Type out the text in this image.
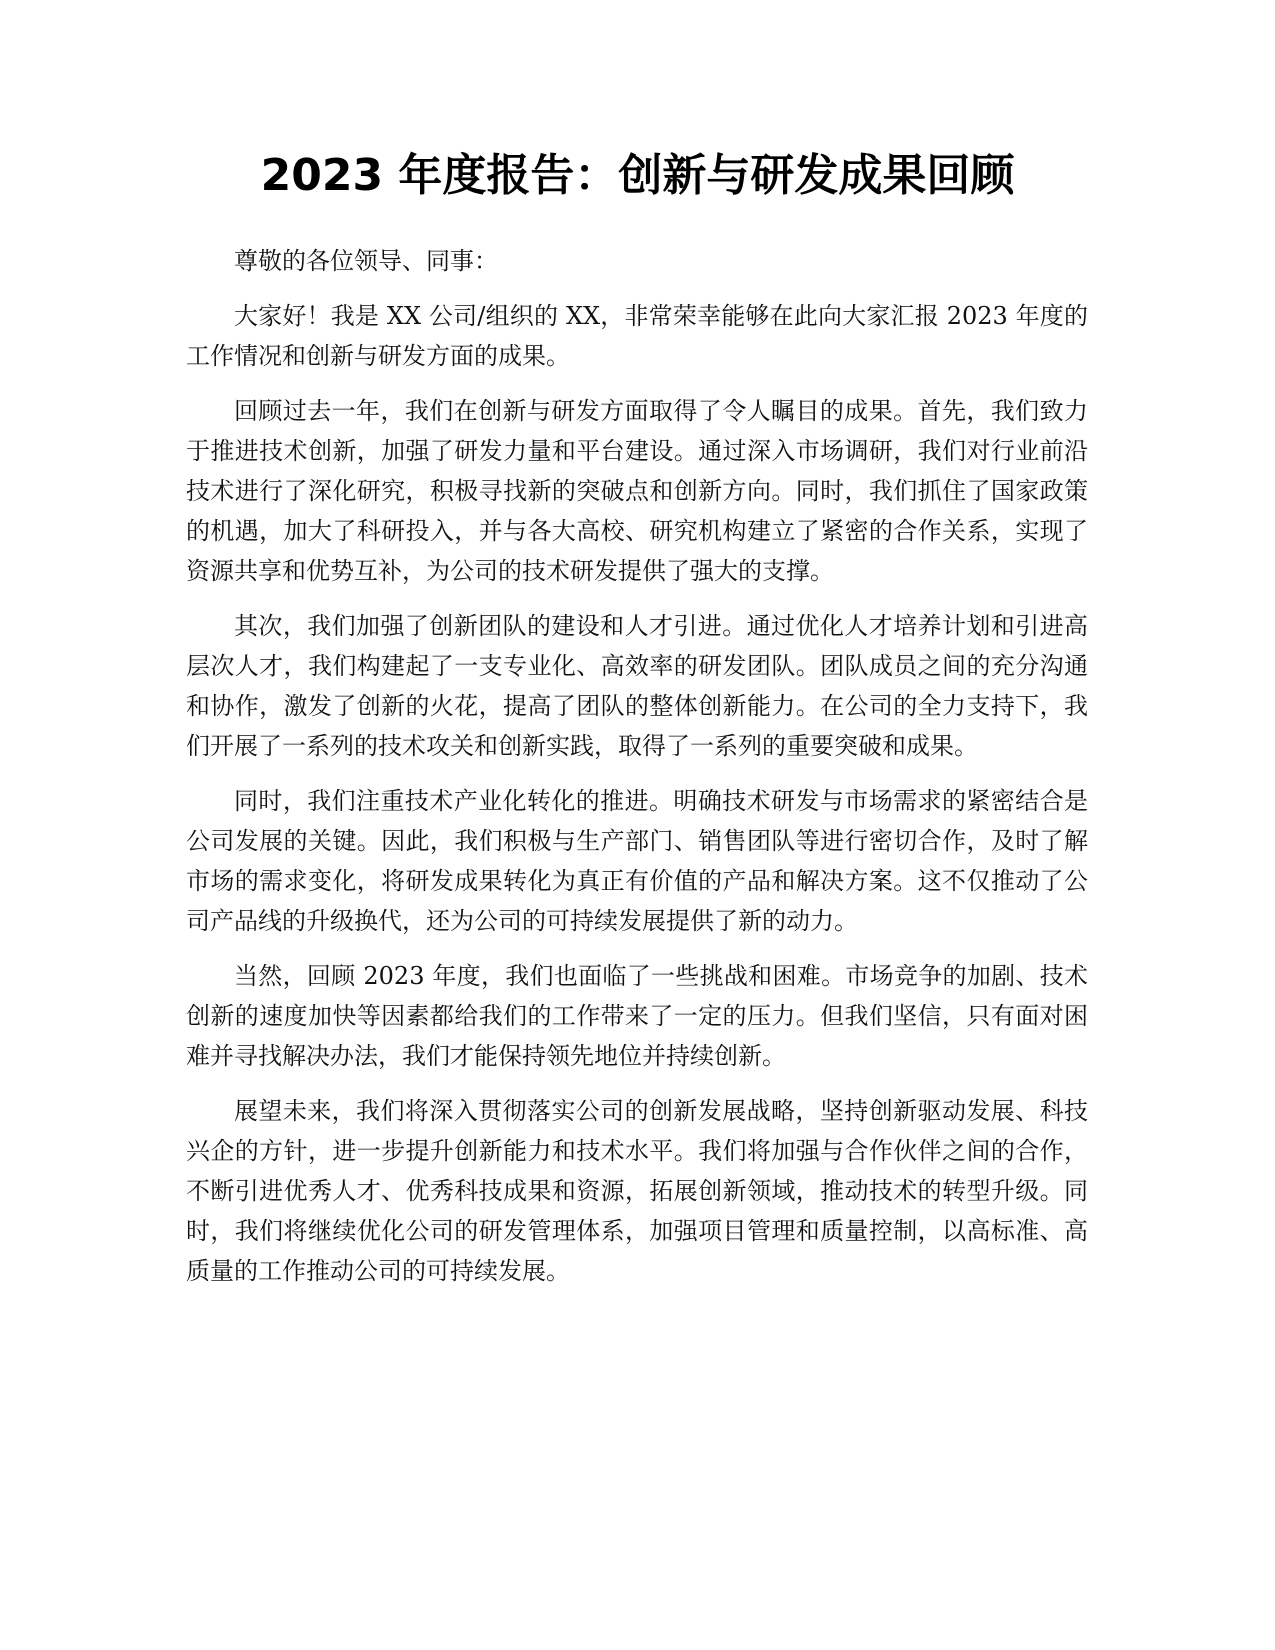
2023 年度报告：创新与研发成果回顾

尊敬的各位领导、同事：

大家好！我是 XX 公司/组织的 XX，非常荣幸能够在此向大家汇报 2023 年度的工作情况和创新与研发方面的成果。

回顾过去一年，我们在创新与研发方面取得了令人瞩目的成果。首先，我们致力于推进技术创新，加强了研发力量和平台建设。通过深入市场调研，我们对行业前沿技术进行了深化研究，积极寻找新的突破点和创新方向。同时，我们抓住了国家政策的机遇，加大了科研投入，并与各大高校、研究机构建立了紧密的合作关系，实现了资源共享和优势互补，为公司的技术研发提供了强大的支撑。

其次，我们加强了创新团队的建设和人才引进。通过优化人才培养计划和引进高层次人才，我们构建起了一支专业化、高效率的研发团队。团队成员之间的充分沟通和协作，激发了创新的火花，提高了团队的整体创新能力。在公司的全力支持下，我们开展了一系列的技术攻关和创新实践，取得了一系列的重要突破和成果。

同时，我们注重技术产业化转化的推进。明确技术研发与市场需求的紧密结合是公司发展的关键。因此，我们积极与生产部门、销售团队等进行密切合作，及时了解市场的需求变化，将研发成果转化为真正有价值的产品和解决方案。这不仅推动了公司产品线的升级换代，还为公司的可持续发展提供了新的动力。

当然，回顾 2023 年度，我们也面临了一些挑战和困难。市场竞争的加剧、技术创新的速度加快等因素都给我们的工作带来了一定的压力。但我们坚信，只有面对困难并寻找解决办法，我们才能保持领先地位并持续创新。

展望未来，我们将深入贯彻落实公司的创新发展战略，坚持创新驱动发展、科技兴企的方针，进一步提升创新能力和技术水平。我们将加强与合作伙伴之间的合作，不断引进优秀人才、优秀科技成果和资源，拓展创新领域，推动技术的转型升级。同时，我们将继续优化公司的研发管理体系，加强项目管理和质量控制，以高标准、高质量的工作推动公司的可持续发展。
